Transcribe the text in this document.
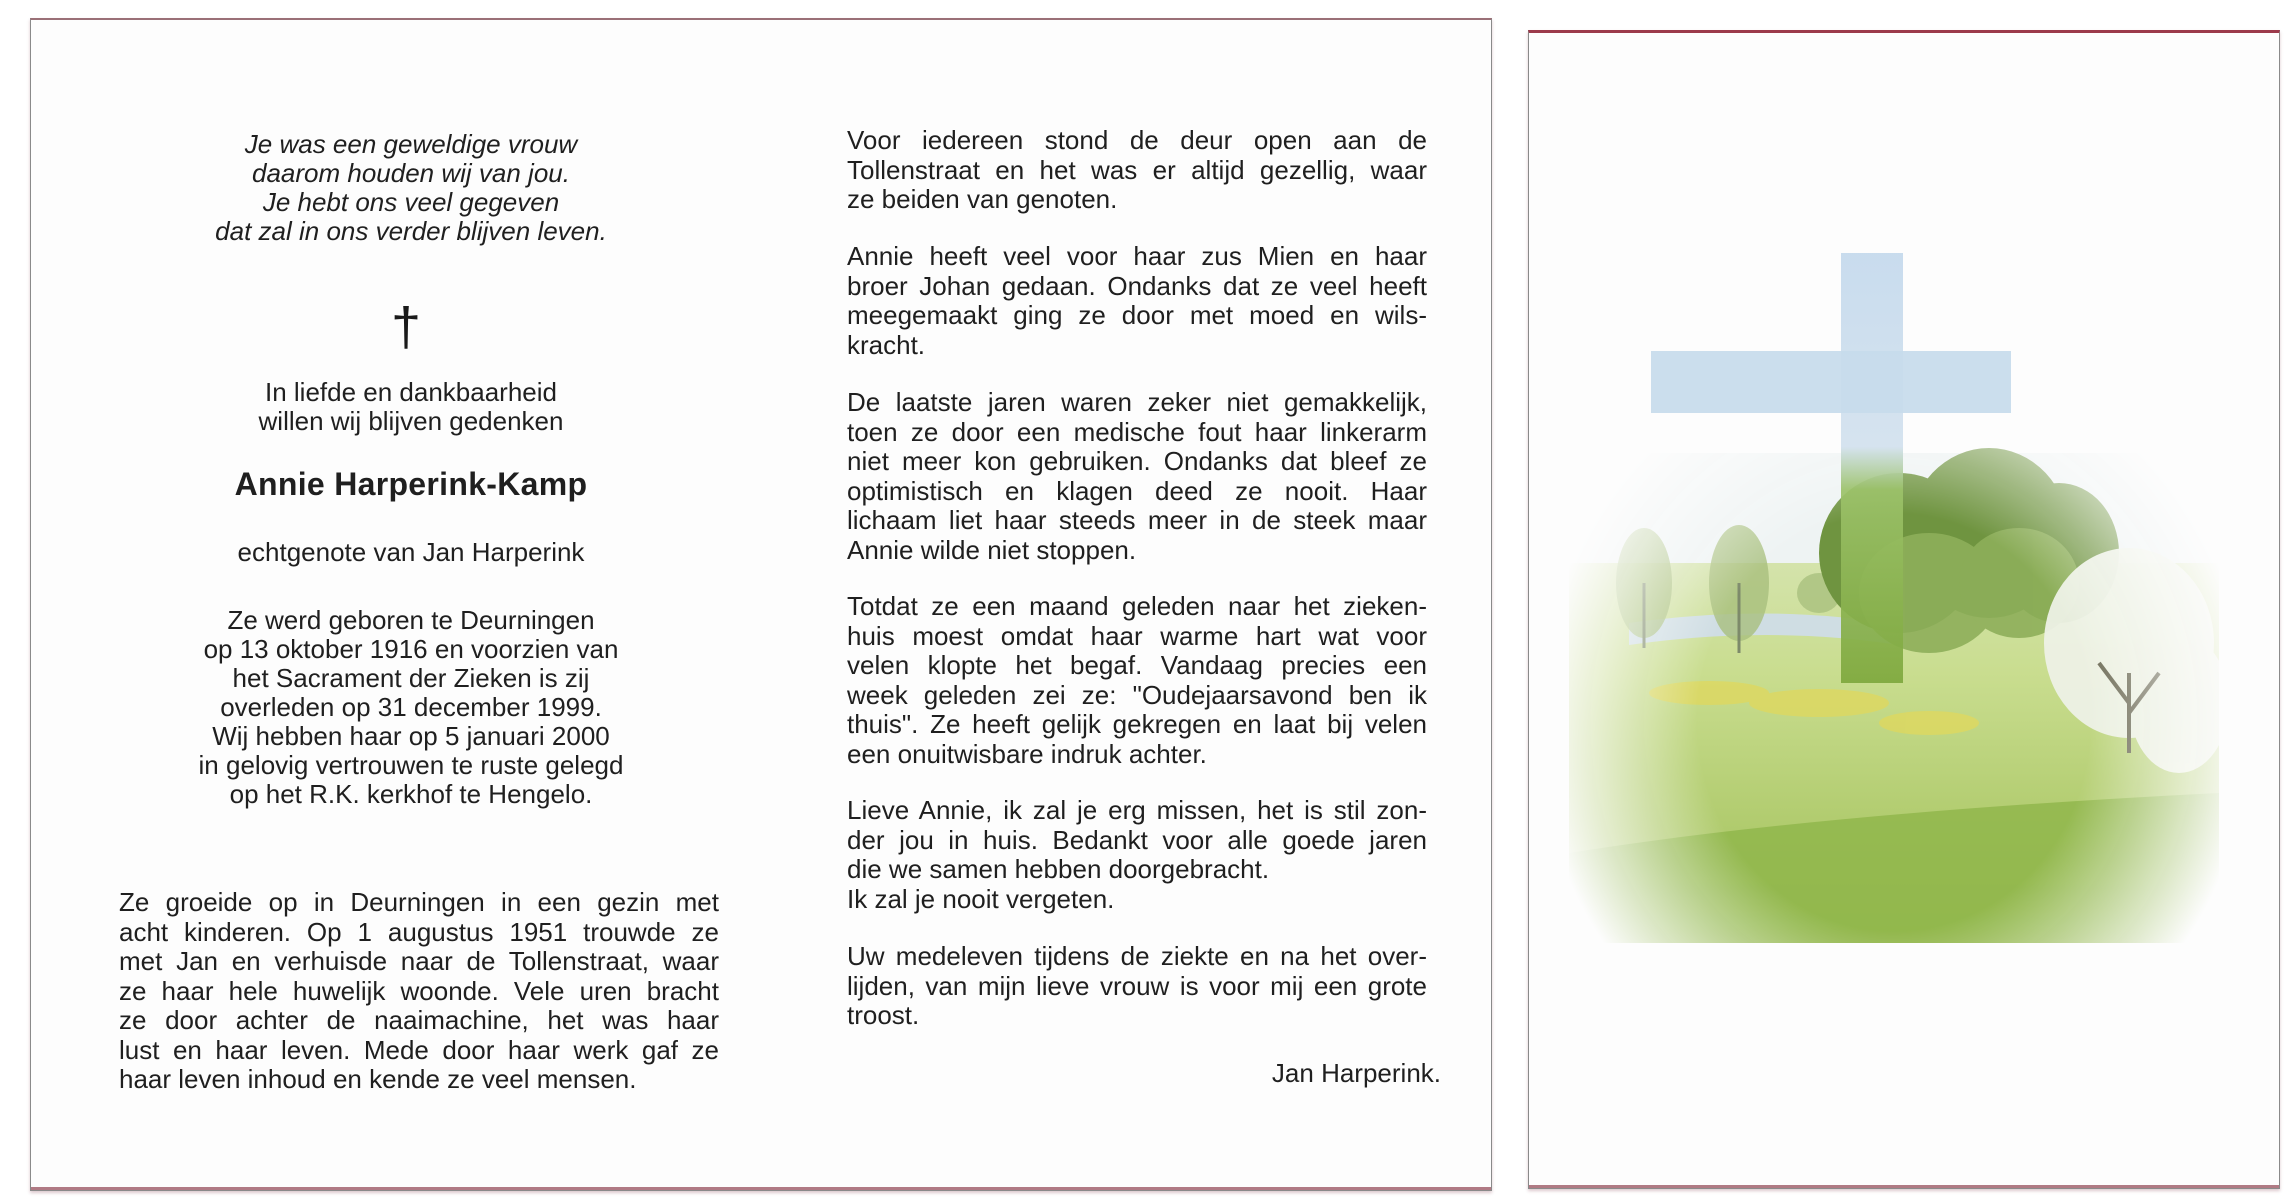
Je was een geweldige vrouw
daarom houden wij van jou.
Je hebt ons veel gegeven
dat zal in ons verder blijven leven.
†
In liefde en dankbaarheid
willen wij blijven gedenken
Annie Harperink-Kamp
echtgenote van Jan Harperink
Ze werd geboren te Deurningen
op 13 oktober 1916 en voorzien van
het Sacrament der Zieken is zij
overleden op 31 december 1999.
Wij hebben haar op 5 januari 2000
in gelovig vertrouwen te ruste gelegd
op het R.K. kerkhof te Hengelo.
Ze groeide op in Deurningen in een gezin met
acht kinderen. Op 1 augustus 1951 trouwde ze
met Jan en verhuisde naar de Tollenstraat, waar
ze haar hele huwelijk woonde. Vele uren bracht
ze door achter de naaimachine, het was haar
lust en haar leven. Mede door haar werk gaf ze
haar leven inhoud en kende ze veel mensen.
Voor iedereen stond de deur open aan de
Tollenstraat en het was er altijd gezellig, waar
ze beiden van genoten.
Annie heeft veel voor haar zus Mien en haar
broer Johan gedaan. Ondanks dat ze veel heeft
meegemaakt ging ze door met moed en wils-
kracht.
De laatste jaren waren zeker niet gemakkelijk,
toen ze door een medische fout haar linkerarm
niet meer kon gebruiken. Ondanks dat bleef ze
optimistisch en klagen deed ze nooit. Haar
lichaam liet haar steeds meer in de steek maar
Annie wilde niet stoppen.
Totdat ze een maand geleden naar het zieken-
huis moest omdat haar warme hart wat voor
velen klopte het begaf. Vandaag precies een
week geleden zei ze: "Oudejaarsavond ben ik
thuis". Ze heeft gelijk gekregen en laat bij velen
een onuitwisbare indruk achter.
Lieve Annie, ik zal je erg missen, het is stil zon-
der jou in huis. Bedankt voor alle goede jaren
die we samen hebben doorgebracht.
Ik zal je nooit vergeten.
Uw medeleven tijdens de ziekte en na het over-
lijden, van mijn lieve vrouw is voor mij een grote
troost.
Jan Harperink.
